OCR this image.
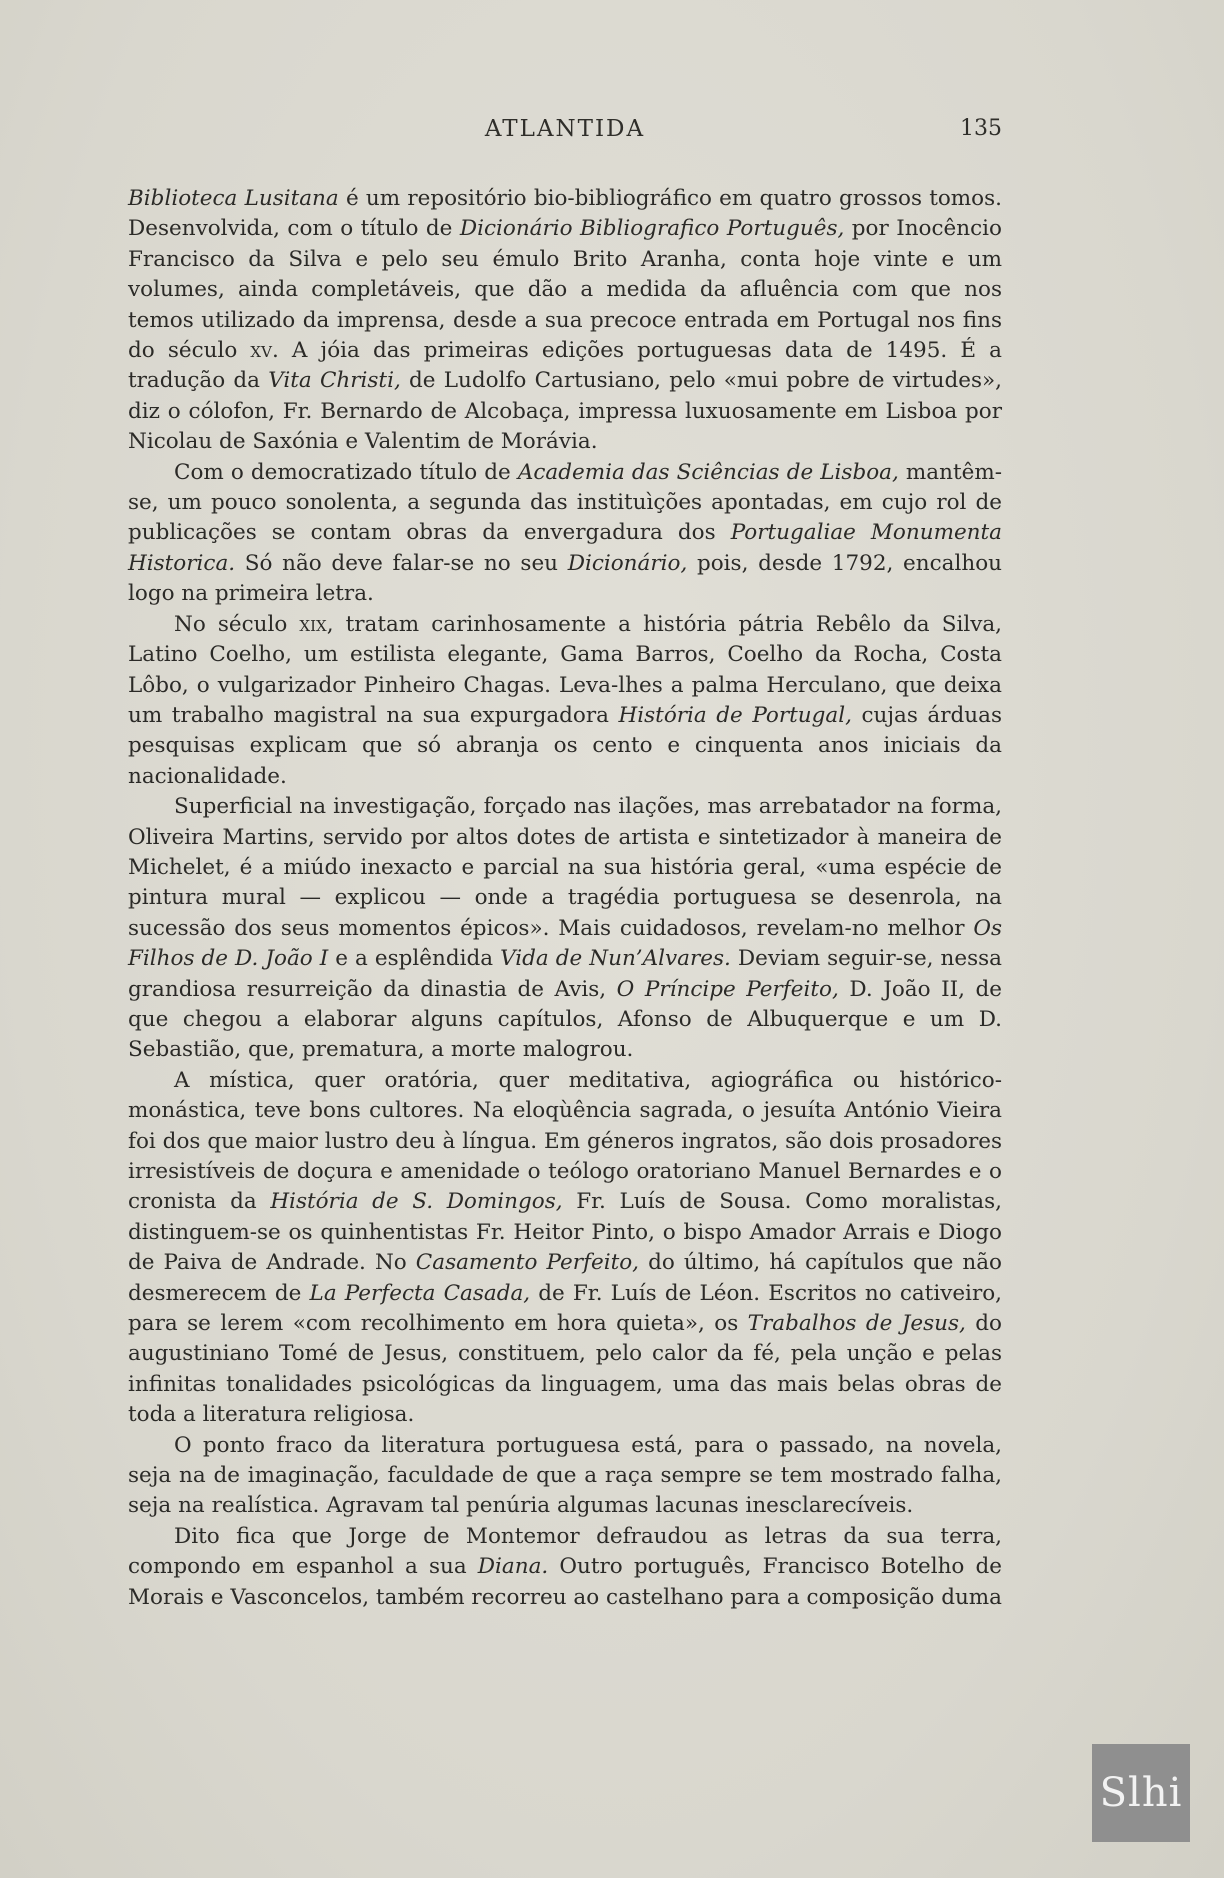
ATLANTIDA	135

Biblioteca Lusitana é um repositório bio-bibliográfico em quatro grossos tomos. Desenvolvida, com o título de Dicionário Bibliografico Português, por Inocêncio Francisco da Silva e pelo seu émulo Brito Aranha, conta hoje vinte e um volumes, ainda completáveis, que dão a medida da afluência com que nos temos utilizado da imprensa, desde a sua precoce entrada em Portugal nos fins do século xv. A jóia das primeiras edições portuguesas data de 1495. É a tradução da Vita Christi, de Ludolfo Cartusiano, pelo «mui pobre de virtudes», diz o cólofon, Fr. Bernardo de Alcobaça, impressa luxuosamente em Lisboa por Nicolau de Saxónia e Valentim de Morávia.

Com o democratizado título de Academia das Sciências de Lisboa, mantêm-se, um pouco sonolenta, a segunda das instituìções apontadas, em cujo rol de publicações se contam obras da envergadura dos Portugaliae Monumenta Historica. Só não deve falar-se no seu Dicionário, pois, desde 1792, encalhou logo na primeira letra.

No século xix, tratam carinhosamente a história pátria Rebêlo da Silva, Latino Coelho, um estilista elegante, Gama Barros, Coelho da Rocha, Costa Lôbo, o vulgarizador Pinheiro Chagas. Leva-lhes a palma Herculano, que deixa um trabalho magistral na sua expurgadora História de Portugal, cujas árduas pesquisas explicam que só abranja os cento e cinquenta anos iniciais da nacionalidade.

Superficial na investigação, forçado nas ilações, mas arrebatador na forma, Oliveira Martins, servido por altos dotes de artista e sintetizador à maneira de Michelet, é a miúdo inexacto e parcial na sua história geral, «uma espécie de pintura mural — explicou — onde a tragédia portuguesa se desenrola, na sucessão dos seus momentos épicos». Mais cuidadosos, revelam-no melhor Os Filhos de D. João I e a esplêndida Vida de Nun’Alvares. Deviam seguir-se, nessa grandiosa resurreição da dinastia de Avis, O Príncipe Perfeito, D. João II, de que chegou a elaborar alguns capítulos, Afonso de Albuquerque e um D. Sebastião, que, prematura, a morte malogrou.

A mística, quer oratória, quer meditativa, agiográfica ou histórico-monástica, teve bons cultores. Na eloqùência sagrada, o jesuíta António Vieira foi dos que maior lustro deu à língua. Em géneros ingratos, são dois prosadores irresistíveis de doçura e amenidade o teólogo oratoriano Manuel Bernardes e o cronista da História de S. Domingos, Fr. Luís de Sousa. Como moralistas, distinguem-se os quinhentistas Fr. Heitor Pinto, o bispo Amador Arrais e Diogo de Paiva de Andrade. No Casamento Perfeito, do último, há capítulos que não desmerecem de La Perfecta Casada, de Fr. Luís de Léon. Escritos no cativeiro, para se lerem «com recolhimento em hora quieta», os Trabalhos de Jesus, do augustiniano Tomé de Jesus, constituem, pelo calor da fé, pela unção e pelas infinitas tonalidades psicológicas da linguagem, uma das mais belas obras de toda a literatura religiosa.

O ponto fraco da literatura portuguesa está, para o passado, na novela, seja na de imaginação, faculdade de que a raça sempre se tem mostrado falha, seja na realística. Agravam tal penúria algumas lacunas inesclarecíveis.

Dito fica que Jorge de Montemor defraudou as letras da sua terra, compondo em espanhol a sua Diana. Outro português, Francisco Botelho de Morais e Vasconcelos, também recorreu ao castelhano para a composição duma

Slhi
